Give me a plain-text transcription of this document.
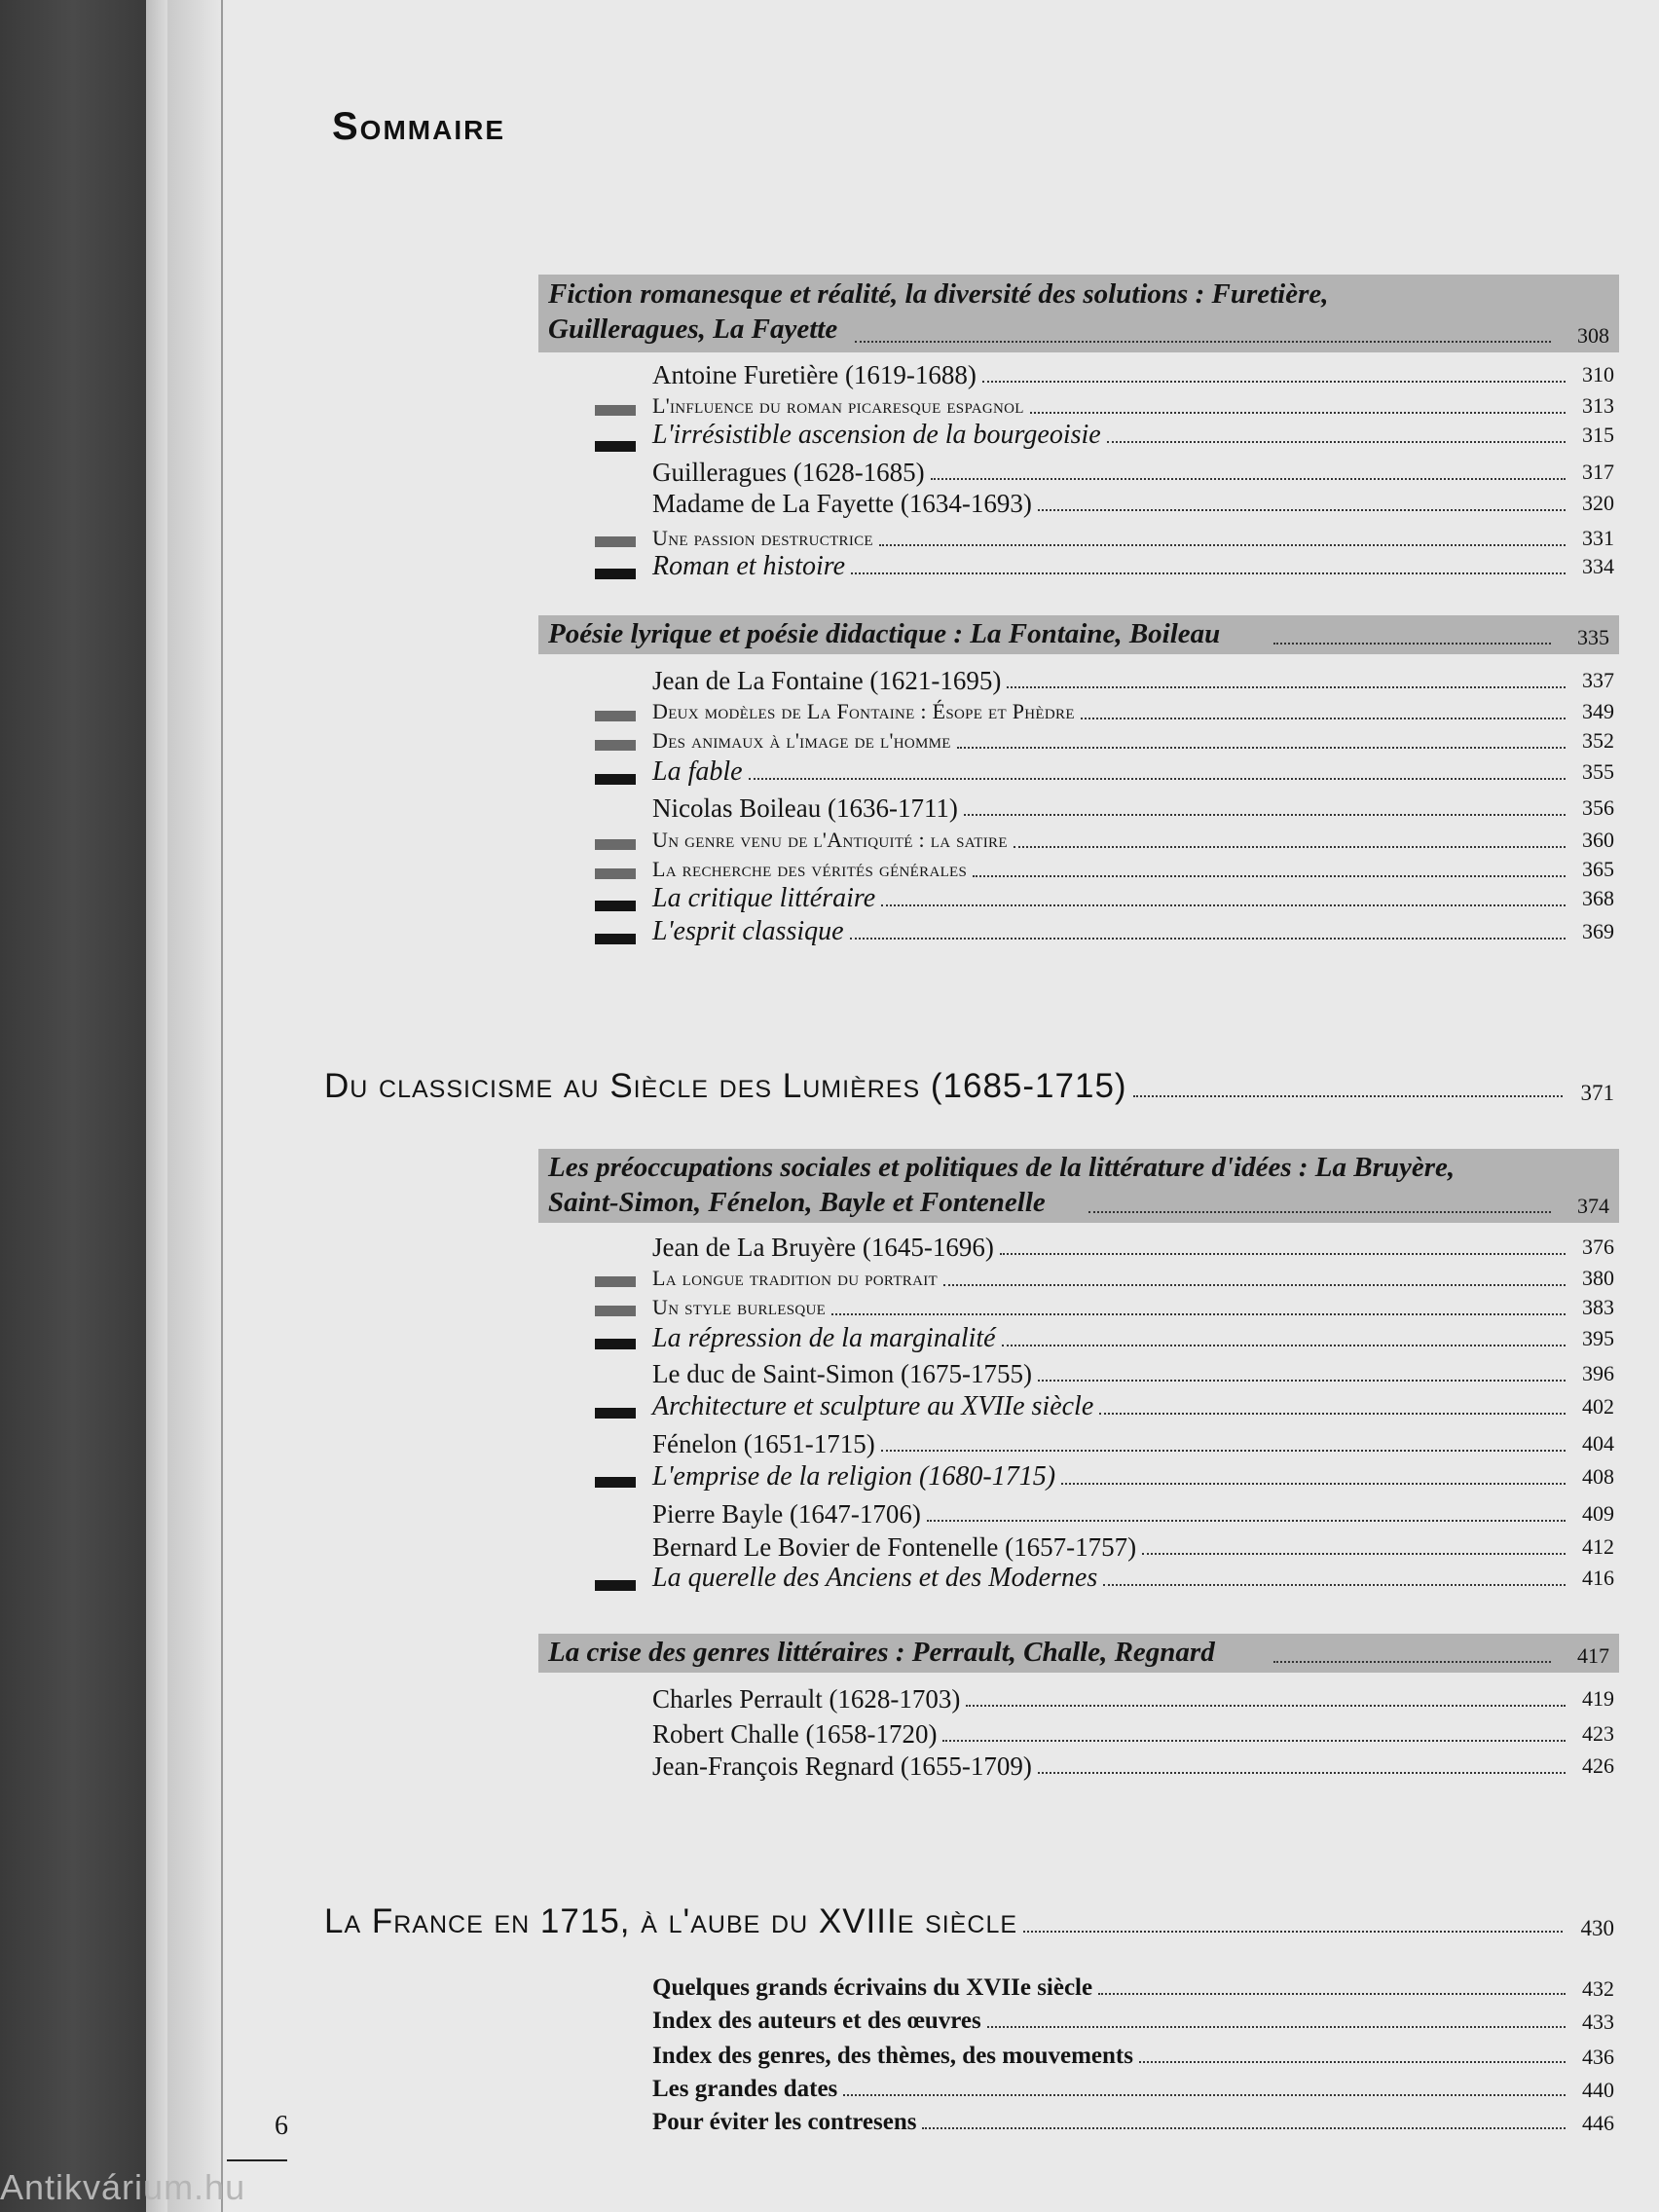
Antikvárium.hu
Sommaire
Fiction romanesque et réalité, la diversité des solutions : Furetière,
Guilleragues, La Fayette	308
Antoine Furetière (1619-1688)	310
L'influence du roman picaresque espagnol	313
L'irrésistible ascension de la bourgeoisie	315
Guilleragues (1628-1685)	317
Madame de La Fayette (1634-1693)	320
Une passion destructrice	331
Roman et histoire	334
Poésie lyrique et poésie didactique : La Fontaine, Boileau	335
Jean de La Fontaine (1621-1695)	337
Deux modèles de La Fontaine : Ésope et Phèdre	349
Des animaux à l'image de l'homme	352
La fable	355
Nicolas Boileau (1636-1711)	356
Un genre venu de l'Antiquité : la satire	360
La recherche des vérités générales	365
La critique littéraire	368
L'esprit classique	369
Du classicisme au Siècle des Lumières (1685-1715)	371
Les préoccupations sociales et politiques de la littérature d'idées : La Bruyère,
Saint-Simon, Fénelon, Bayle et Fontenelle	374
Jean de La Bruyère (1645-1696)	376
La longue tradition du portrait	380
Un style burlesque	383
La répression de la marginalité	395
Le duc de Saint-Simon (1675-1755)	396
Architecture et sculpture au XVIIe siècle	402
Fénelon (1651-1715)	404
L'emprise de la religion (1680-1715)	408
Pierre Bayle (1647-1706)	409
Bernard Le Bovier de Fontenelle (1657-1757)	412
La querelle des Anciens et des Modernes	416
La crise des genres littéraires : Perrault, Challe, Regnard	417
Charles Perrault (1628-1703)	419
Robert Challe (1658-1720)	423
Jean-François Regnard (1655-1709)	426
La France en 1715, à l'aube du XVIIIe siècle	430
Quelques grands écrivains du XVIIe siècle	432
Index des auteurs et des œuvres	433
Index des genres, des thèmes, des mouvements	436
Les grandes dates	440
Pour éviter les contresens	446
6
